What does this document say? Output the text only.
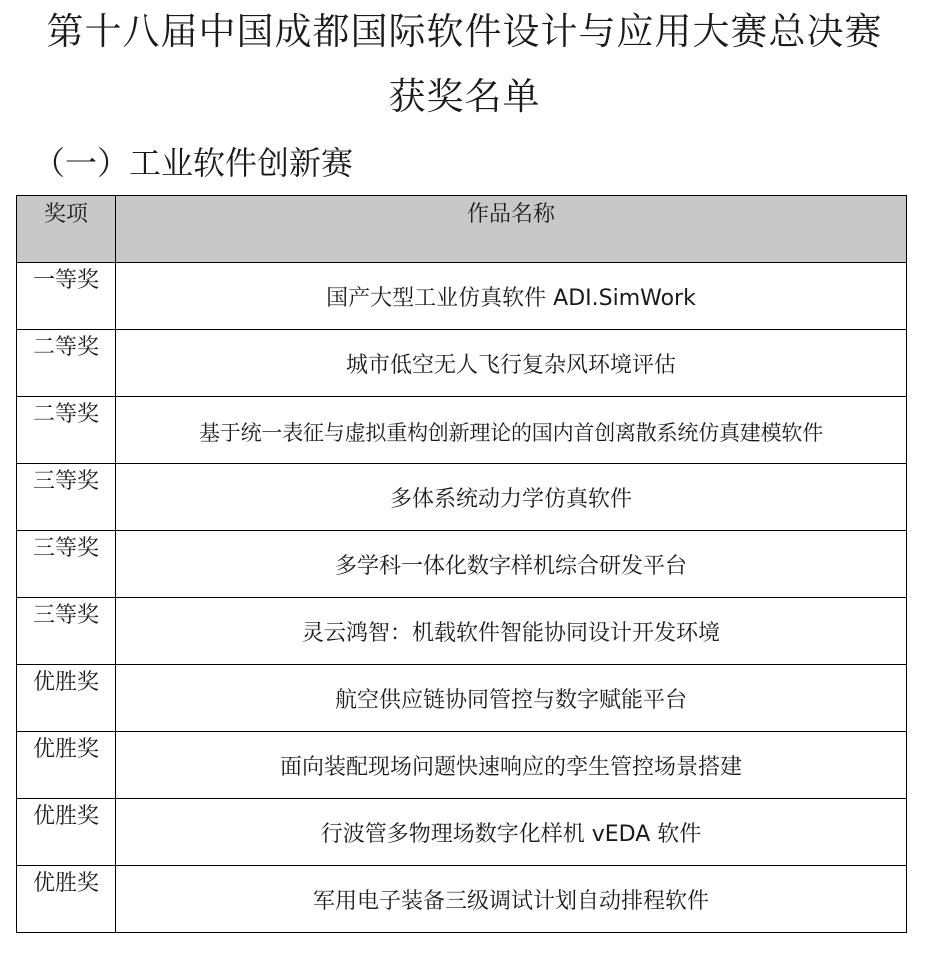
第十八届中国成都国际软件设计与应用大赛总决赛
获奖名单
（一）工业软件创新赛
奖项	作品名称
一等奖	国产大型工业仿真软件 ADI.SimWork
二等奖	城市低空无人飞行复杂风环境评估
二等奖	基于统一表征与虚拟重构创新理论的国内首创离散系统仿真建模软件
三等奖	多体系统动力学仿真软件
三等奖	多学科一体化数字样机综合研发平台
三等奖	灵云鸿智：机载软件智能协同设计开发环境
优胜奖	航空供应链协同管控与数字赋能平台
优胜奖	面向装配现场问题快速响应的孪生管控场景搭建
优胜奖	行波管多物理场数字化样机 vEDA 软件
优胜奖	军用电子装备三级调试计划自动排程软件
